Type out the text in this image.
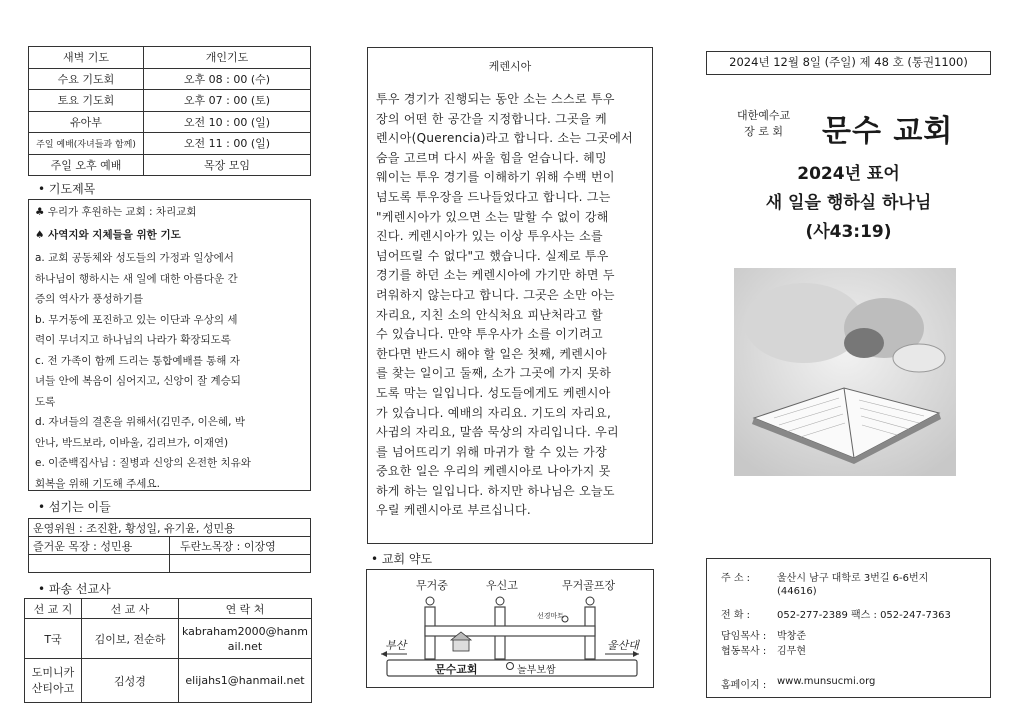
새벽 기도	개인기도
수요 기도회	오후 08 : 00 (수)
토요 기도회	오후 07 : 00 (토)
유아부	오전 10 : 00 (일)
주일 예배(자녀들과 함께)	오전 11 : 00 (일)
주일 오후 예배	목장 모임
• 기도제목
♣ 우리가 후원하는 교회 : 차리교회
♠ 사역지와 지체들을 위한 기도
a. 교회 공동체와 성도들의 가정과 일상에서
하나님이 행하시는 새 일에 대한 아름다운 간
증의 역사가 풍성하기를
b. 무거동에 포진하고 있는 이단과 우상의 세
력이 무너지고 하나님의 나라가 확장되도록
c. 전 가족이 함께 드리는 통합예배를 통해 자
녀들 안에 복음이 심어지고, 신앙이 잘 계승되
도록
d. 자녀들의 결혼을 위해서(김민주, 이은혜, 박
안나, 박드보라, 이바울, 김리브가, 이재연)
e. 이준백집사님 : 질병과 신앙의 온전한 치유와
회복을 위해 기도해 주세요.
• 섬기는 이들
운영위원 : 조진환, 황성일, 유기윤, 성민용	
즐거운 목장 : 성민용	두란노목장 : 이장영

• 파송 선교사
선 교 지	선 교 사	연 락 처
T국	김이보, 전순하	kabraham2000@hanm
ail.net
도미니카
산티아고	김성경	elijahs1@hanmail.net
케렌시아
투우 경기가 진행되는 동안 소는 스스로 투우
장의 어떤 한 공간을 지정합니다. 그곳을 케
렌시아(Querencia)라고 합니다. 소는 그곳에서
숨을 고르며 다시 싸울 힘을 얻습니다. 헤밍
웨이는 투우 경기를 이해하기 위해 수백 번이
넘도록 투우장을 드나들었다고 합니다. 그는
"케렌시아가 있으면 소는 말할 수 없이 강해
진다. 케렌시아가 있는 이상 투우사는 소를
넘어뜨릴 수 없다"고 했습니다. 실제로 투우
경기를 하던 소는 케렌시아에 가기만 하면 두
려워하지 않는다고 합니다. 그곳은 소만 아는
자리요, 지친 소의 안식처요 피난처라고 할
수 있습니다. 만약 투우사가 소를 이기려고
한다면 반드시 해야 할 일은 첫째, 케렌시아
를 찾는 일이고 둘째, 소가 그곳에 가지 못하
도록 막는 일입니다. 성도들에게도 케렌시아
가 있습니다. 예배의 자리요. 기도의 자리요,
사귐의 자리요, 말씀 묵상의 자리입니다. 우리
를 넘어뜨리기 위해 마귀가 할 수 있는 가장
중요한 일은 우리의 케렌시아로 나아가지 못
하게 하는 일입니다. 하지만 하나님은 오늘도
우릴 케렌시아로 부르십니다.
• 교회 약도
무거중	우신고	무거골프장
선경마트
부산
문수교회	놀부보쌈
울산대
2024년 12월 8일 (주일) 제 48 호 (통권1100)
대한예수교
장 로 회 문수 교회
2024년 표어
새 일을 행하실 하나님
(사43:19)
주 소 :	울산시 남구 대학로 3번길 6-6번지
(44616)
전 화 :	052-277-2389 팩스 : 052-247-7363
담임목사 : 박창준
협동목사 : 김무현
홈페이지 : www.munsucmi.org
